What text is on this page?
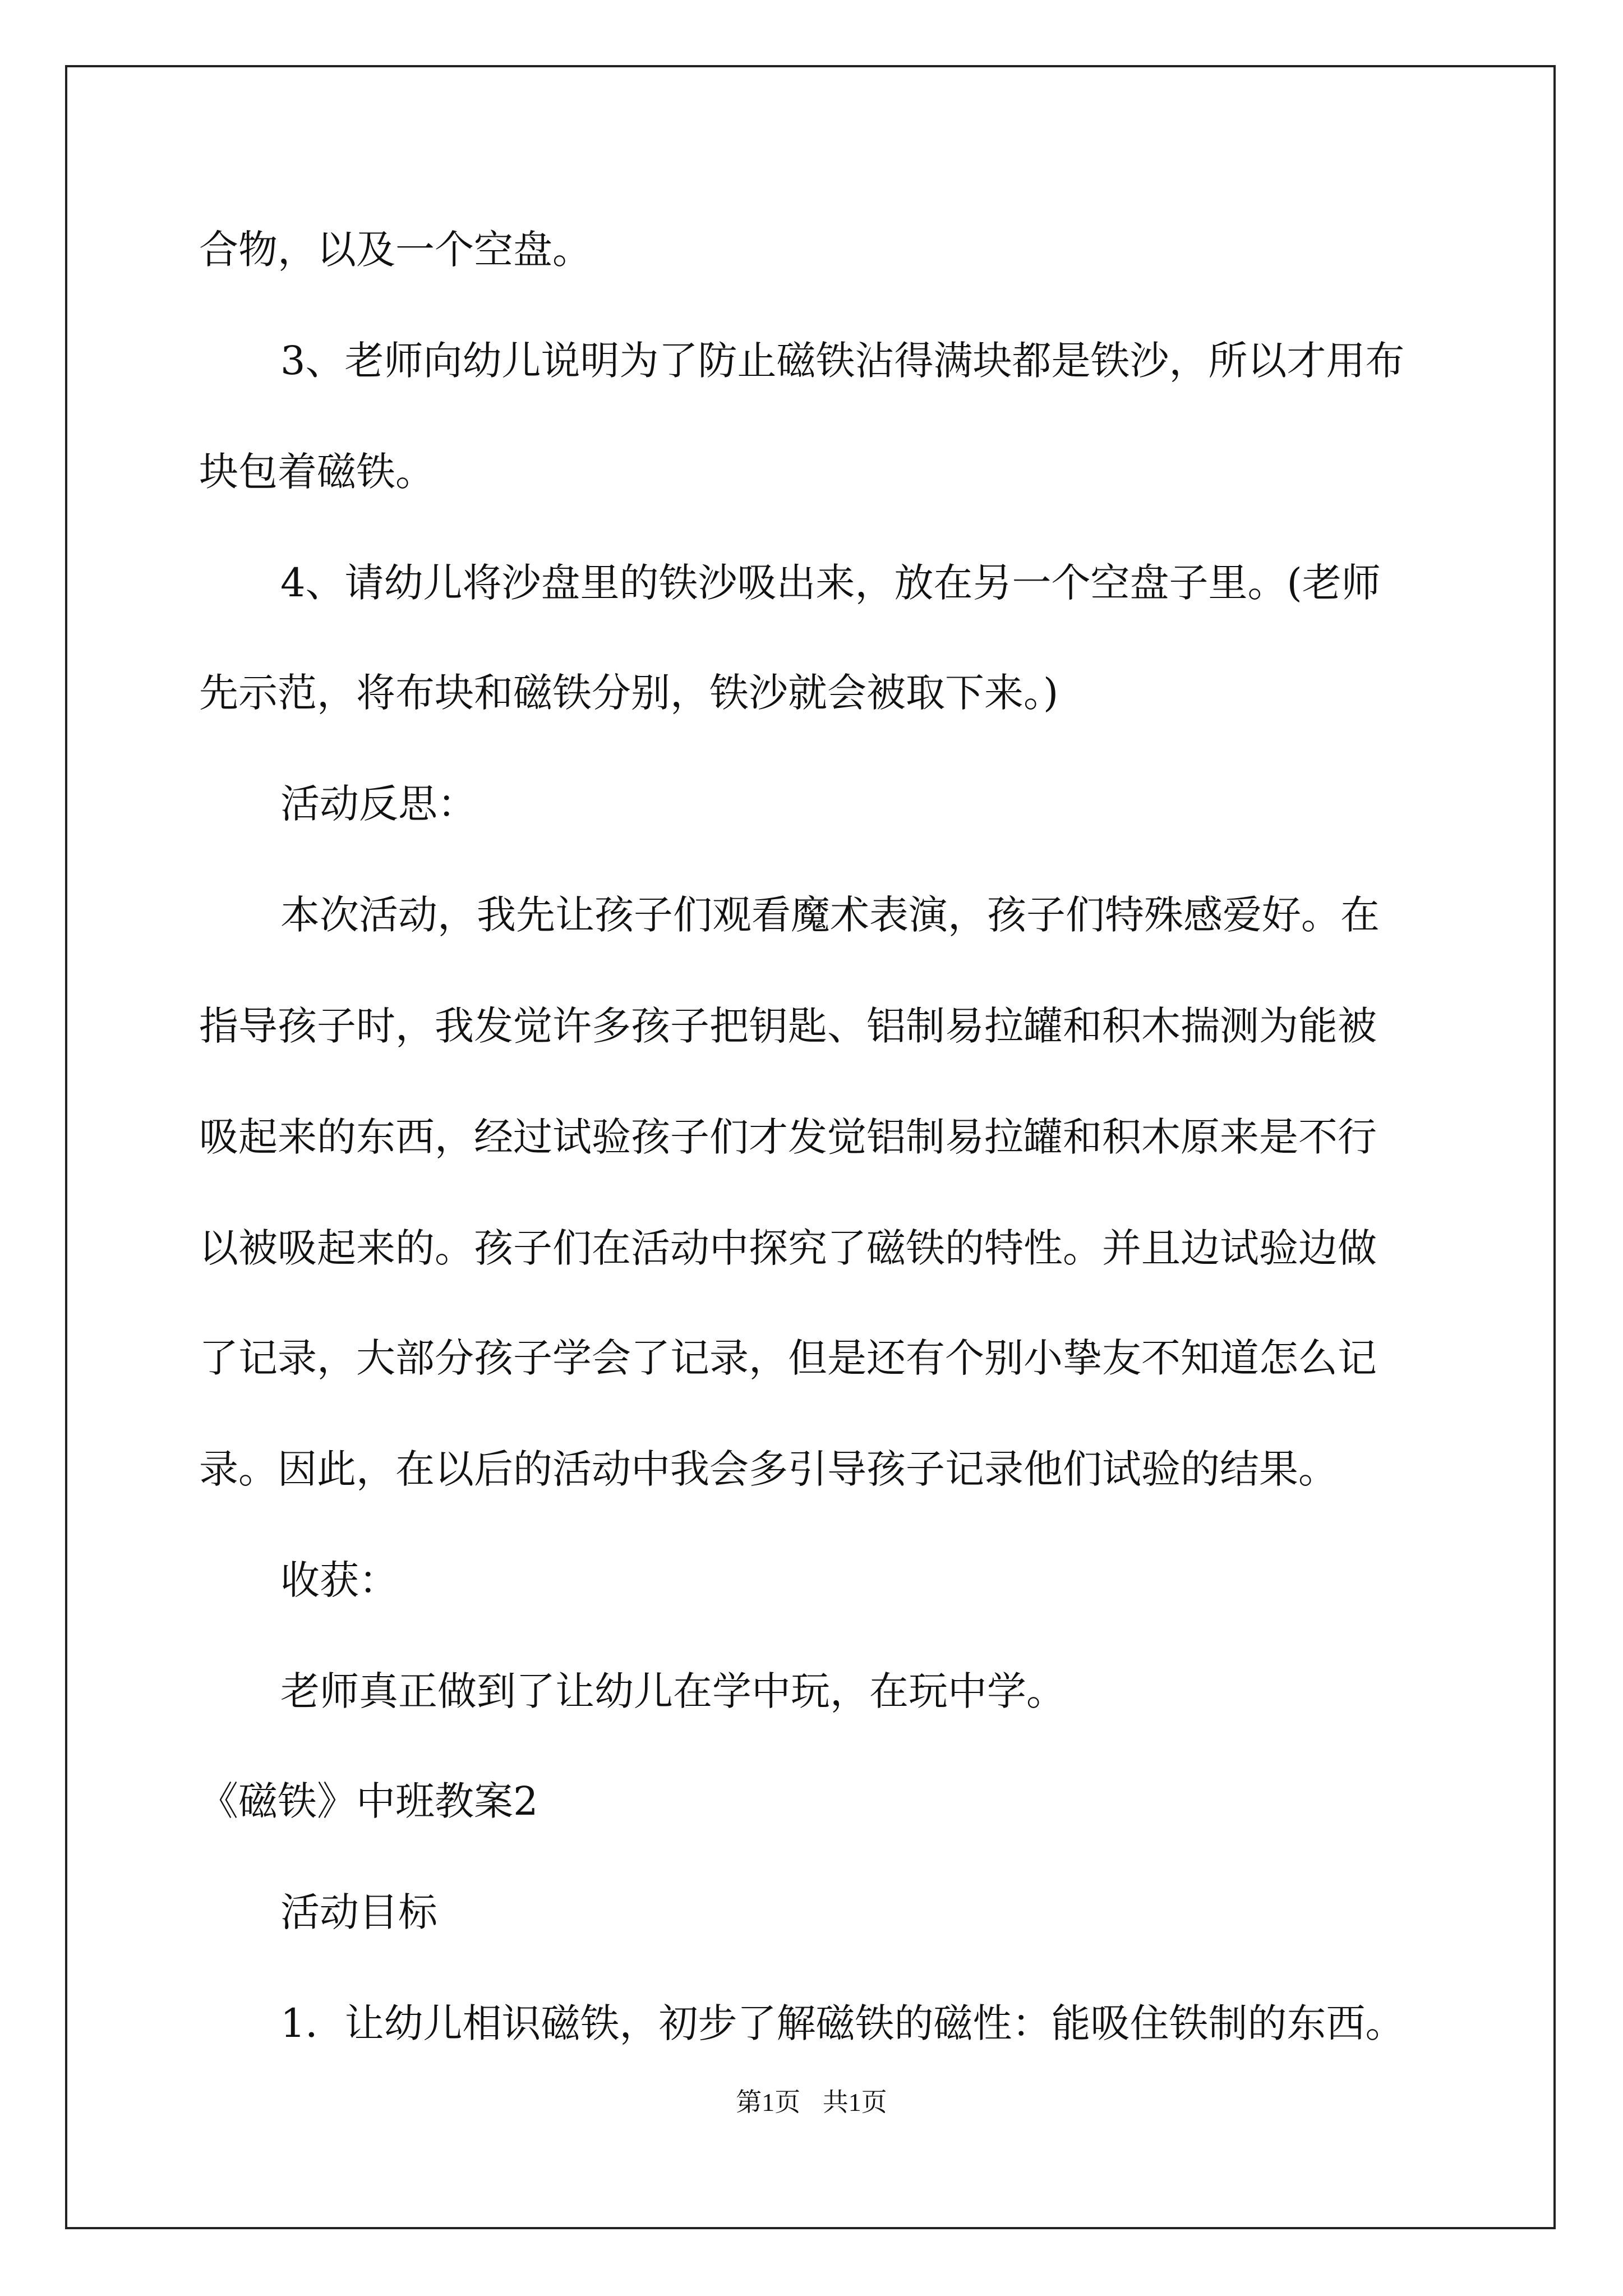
合物，以及一个空盘。
3、老师向幼儿说明为了防止磁铁沾得满块都是铁沙，所以才用布
块包着磁铁。
4、请幼儿将沙盘里的铁沙吸出来，放在另一个空盘子里。(老师
先示范，将布块和磁铁分别，铁沙就会被取下来。)
活动反思：
本次活动，我先让孩子们观看魔术表演，孩子们特殊感爱好。在
指导孩子时，我发觉许多孩子把钥匙、铝制易拉罐和积木揣测为能被
吸起来的东西，经过试验孩子们才发觉铝制易拉罐和积木原来是不行
以被吸起来的。孩子们在活动中探究了磁铁的特性。并且边试验边做
了记录，大部分孩子学会了记录，但是还有个别小挚友不知道怎么记
录。因此，在以后的活动中我会多引导孩子记录他们试验的结果。
收获：
老师真正做到了让幼儿在学中玩，在玩中学。
《磁铁》中班教案2
活动目标
1．让幼儿相识磁铁，初步了解磁铁的磁性：能吸住铁制的东西。
第1页 共1页
